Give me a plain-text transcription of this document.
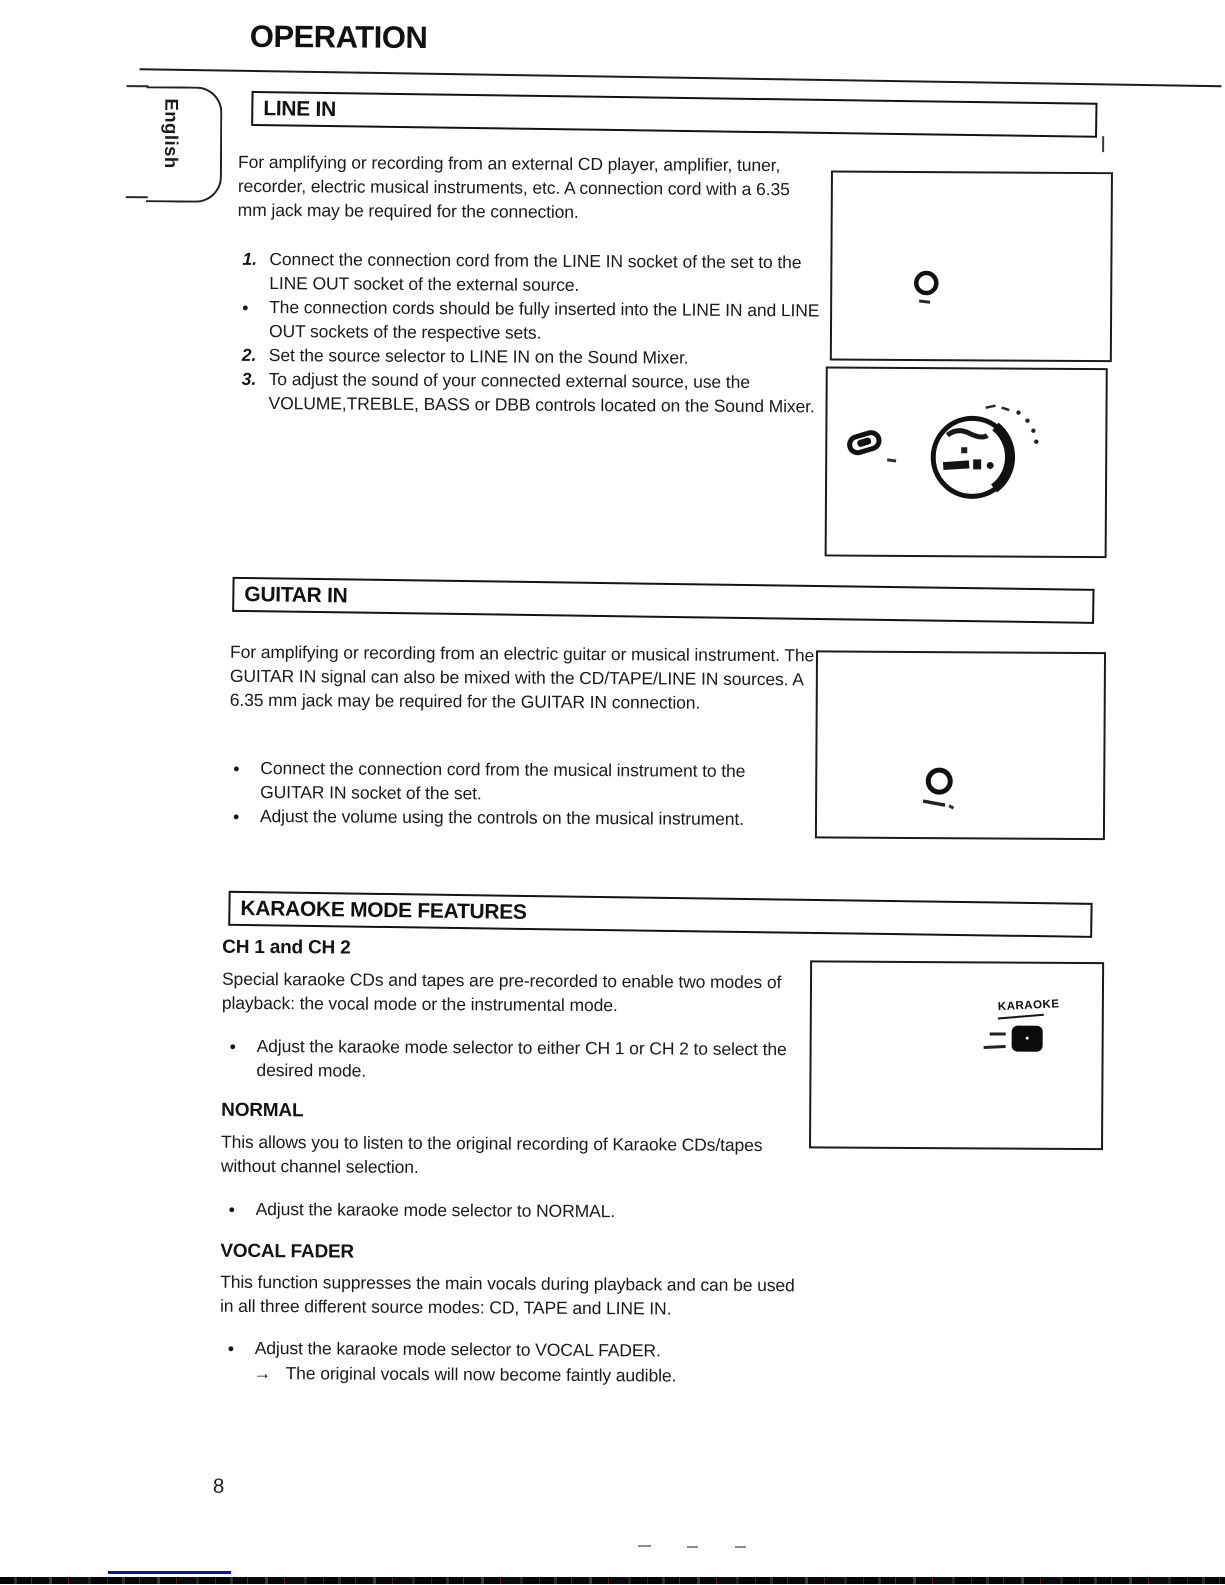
OPERATION
English	LINE IN

For amplifying or recording from an external CD player, amplifier, tuner, recorder, electric musical instruments, etc. A connection cord with a 6.35 mm jack may be required for the connection.

1. Connect the connection cord from the LINE IN socket of the set to the LINE OUT socket of the external source.
•	The connection cords should be fully inserted into the LINE IN and LINE OUT sockets of the respective sets.
2. Set the source selector to LINE IN on the Sound Mixer.
3. To adjust the sound of your connected external source, use the VOLUME,TREBLE, BASS or DBB controls located on the Sound Mixer.
GUITAR IN

For amplifying or recording from an electric guitar or musical instrument. The GUITAR IN signal can also be mixed with the CD/TAPE/LINE IN sources. A 6.35 mm jack may be required for the GUITAR IN connection.

•	Connect the connection cord from the musical instrument to the GUITAR IN socket of the set.
•	Adjust the volume using the controls on the musical instrument.
KARAOKE MODE FEATURES
CH 1 and CH 2

Special karaoke CDs and tapes are pre-recorded to enable two modes of playback: the vocal mode or the instrumental mode.

•	Adjust the karaoke mode selector to either CH 1 or CH 2 to select the desired mode.
KARAOKE
NORMAL

This allows you to listen to the original recording of Karaoke CDs/tapes without channel selection.

•	Adjust the karaoke mode selector to NORMAL.
VOCAL FADER

This function suppresses the main vocals during playback and can be used in all three different source modes: CD, TAPE and LINE IN.

•	Adjust the karaoke mode selector to VOCAL FADER.
→ The original vocals will now become faintly audible.
8
